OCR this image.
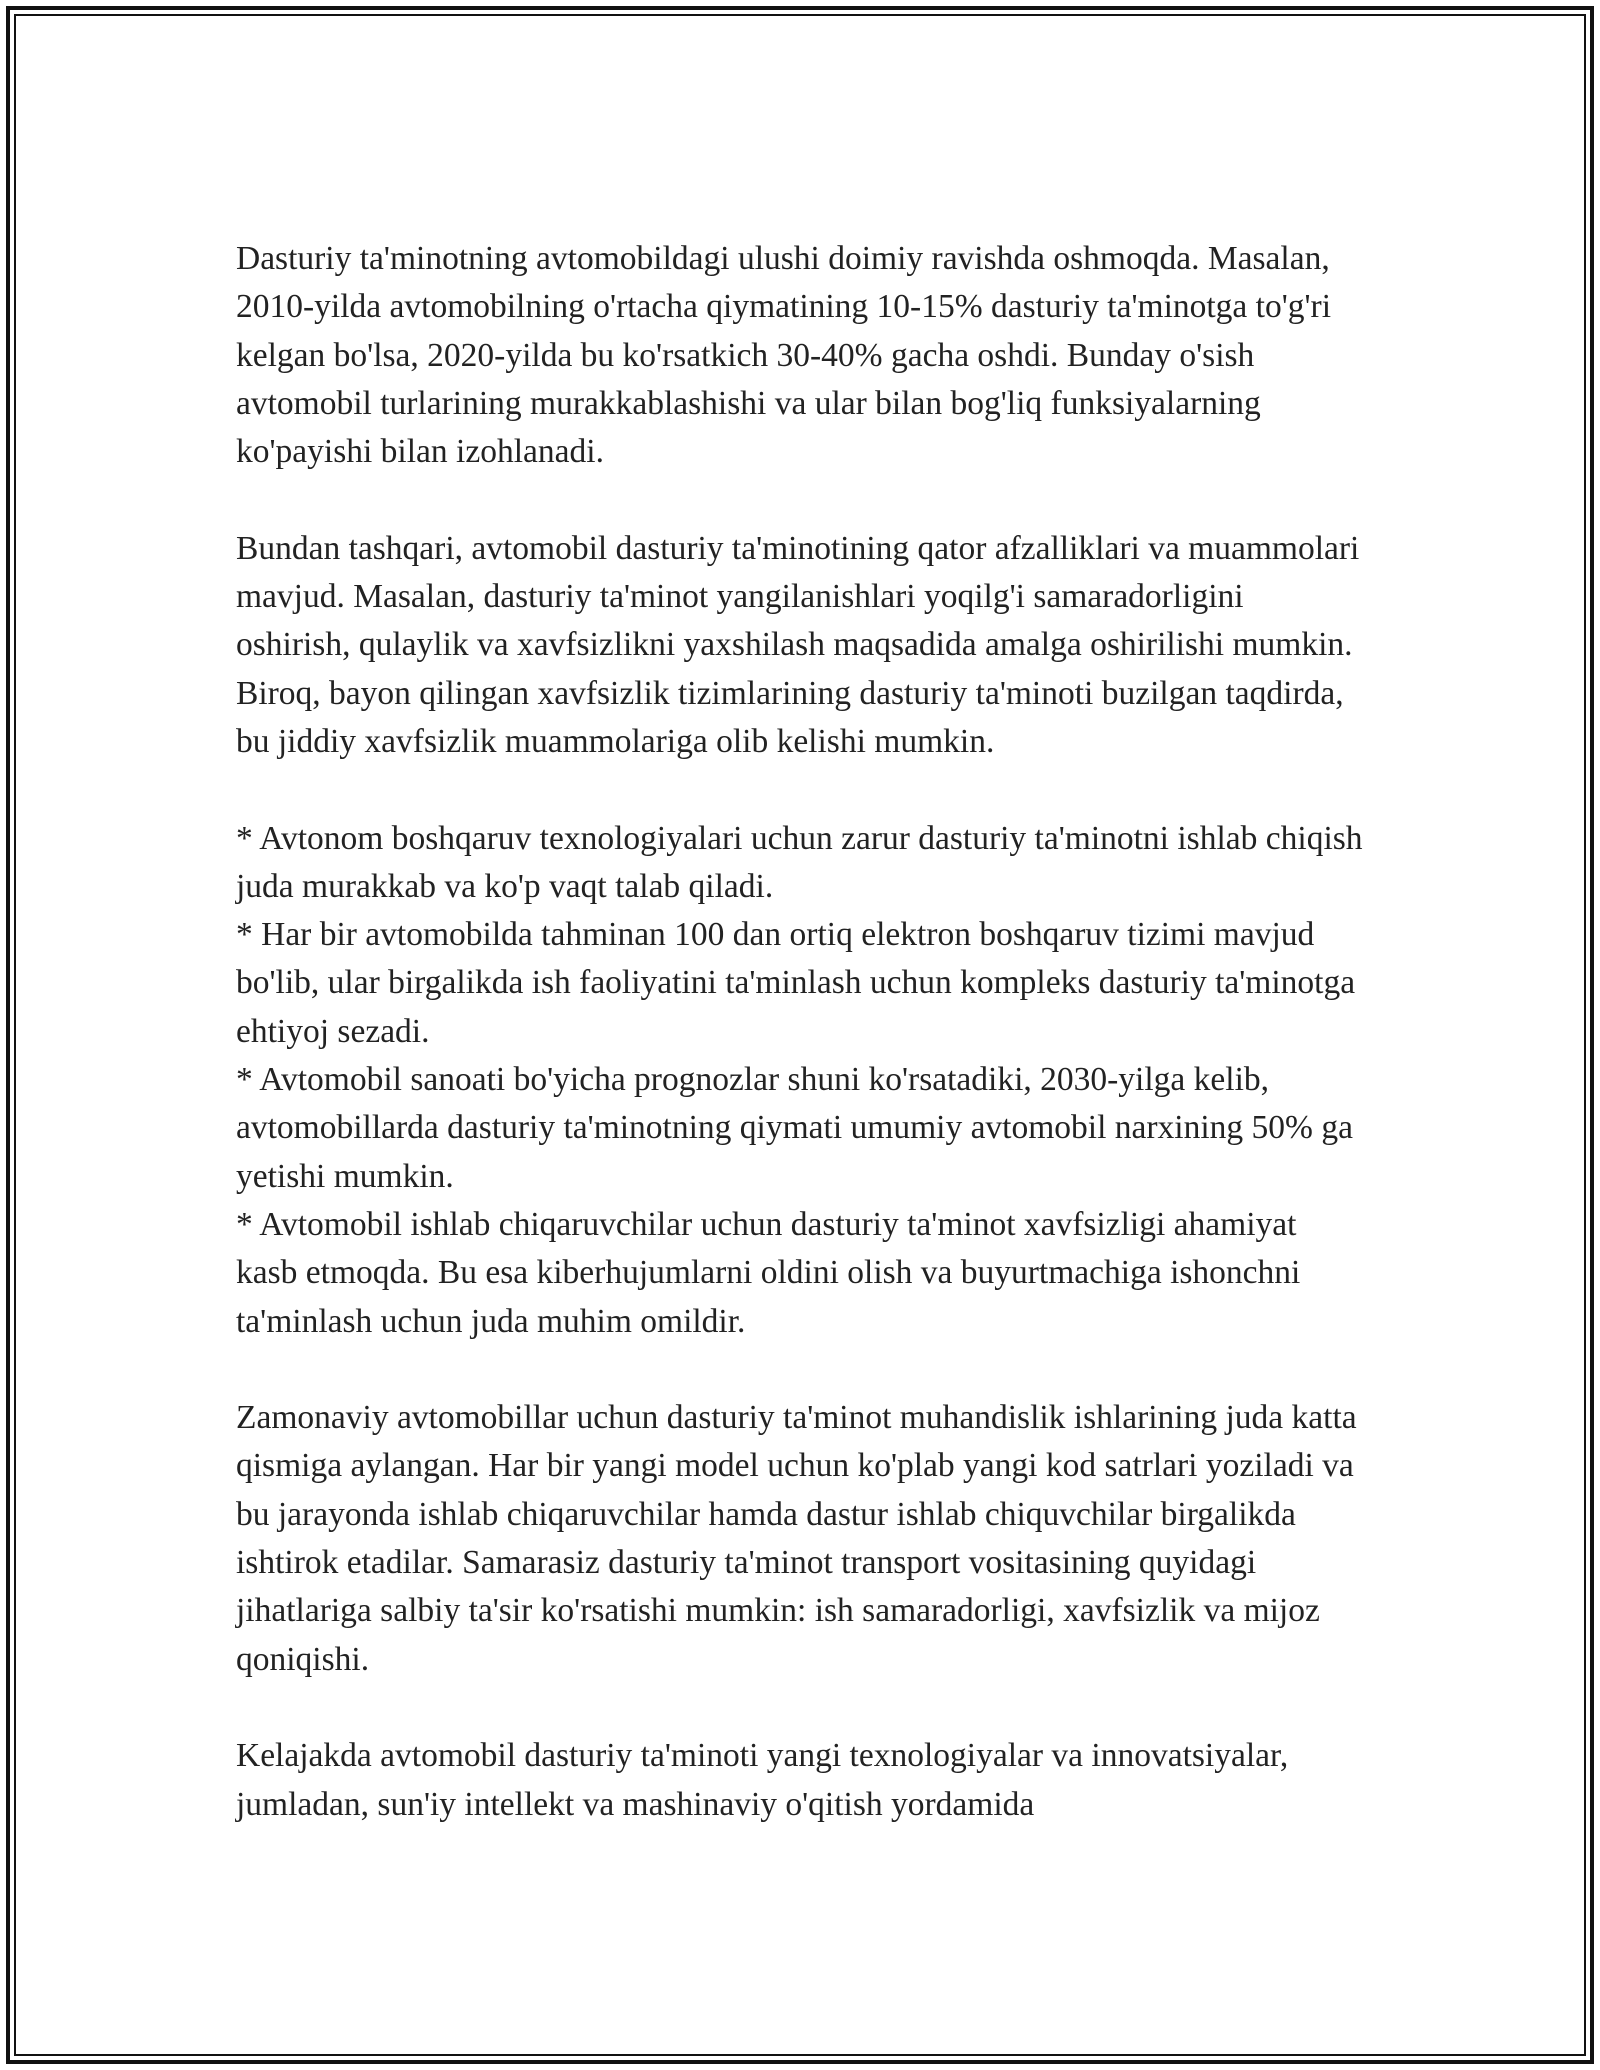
Dasturiy ta'minotning avtomobildagi ulushi doimiy ravishda oshmoqda. Masalan, 2010-yilda avtomobilning o'rtacha qiymatining 10-15% dasturiy ta'minotga to'g'ri kelgan bo'lsa, 2020-yilda bu ko'rsatkich 30-40% gacha oshdi. Bunday o'sish avtomobil turlarining murakkablashishi va ular bilan bog'liq funksiyalarning ko'payishi bilan izohlanadi.

Bundan tashqari, avtomobil dasturiy ta'minotining qator afzalliklari va muammolari mavjud. Masalan, dasturiy ta'minot yangilanishlari yoqilg'i samaradorligini oshirish, qulaylik va xavfsizlikni yaxshilash maqsadida amalga oshirilishi mumkin. Biroq, bayon qilingan xavfsizlik tizimlarining dasturiy ta'minoti buzilgan taqdirda, bu jiddiy xavfsizlik muammolariga olib kelishi mumkin.

* Avtonom boshqaruv texnologiyalari uchun zarur dasturiy ta'minotni ishlab chiqish juda murakkab va ko'p vaqt talab qiladi.
* Har bir avtomobilda tahminan 100 dan ortiq elektron boshqaruv tizimi mavjud bo'lib, ular birgalikda ish faoliyatini ta'minlash uchun kompleks dasturiy ta'minotga ehtiyoj sezadi.
* Avtomobil sanoati bo'yicha prognozlar shuni ko'rsatadiki, 2030-yilga kelib, avtomobillarda dasturiy ta'minotning qiymati umumiy avtomobil narxining 50% ga yetishi mumkin.
* Avtomobil ishlab chiqaruvchilar uchun dasturiy ta'minot xavfsizligi ahamiyat kasb etmoqda. Bu esa kiberhujumlarni oldini olish va buyurtmachiga ishonchni ta'minlash uchun juda muhim omildir.

Zamonaviy avtomobillar uchun dasturiy ta'minot muhandislik ishlarining juda katta qismiga aylangan. Har bir yangi model uchun ko'plab yangi kod satrlari yoziladi va bu jarayonda ishlab chiqaruvchilar hamda dastur ishlab chiquvchilar birgalikda ishtirok etadilar. Samarasiz dasturiy ta'minot transport vositasining quyidagi jihatlariga salbiy ta'sir ko'rsatishi mumkin: ish samaradorligi, xavfsizlik va mijoz qoniqishi.

Kelajakda avtomobil dasturiy ta'minoti yangi texnologiyalar va innovatsiyalar, jumladan, sun'iy intellekt va mashinaviy o'qitish yordamida
